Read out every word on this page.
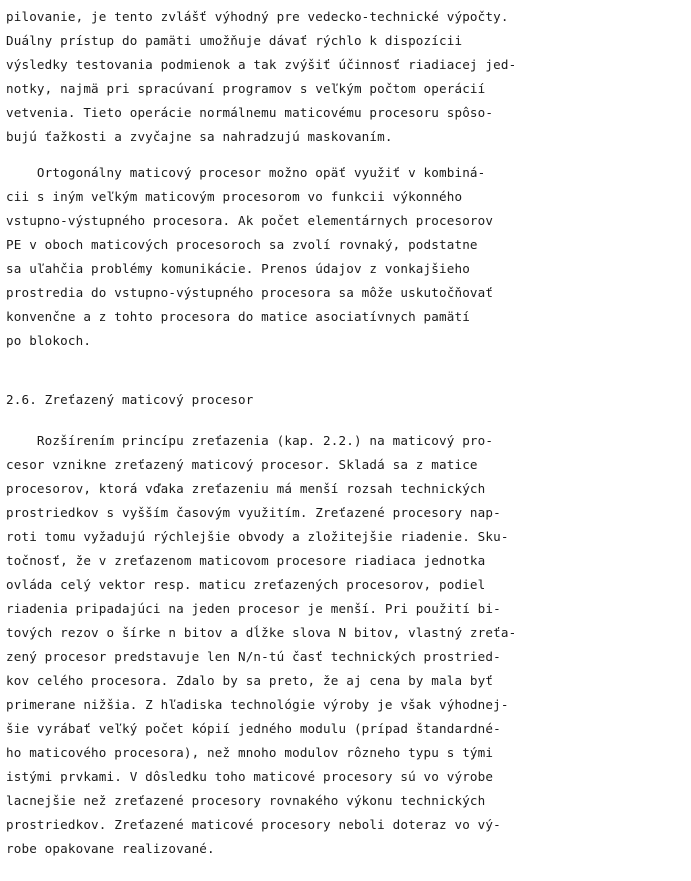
pilovanie, je tento zvlášť výhodný pre vedecko-technické výpočty.
Duálny prístup do pamäti umožňuje dávať rýchlo k dispozícii
výsledky testovania podmienok a tak zvýšiť účinnosť riadiacej jed-
notky, najmä pri spracúvaní programov s veľkým počtom operácií
vetvenia. Tieto operácie normálnemu maticovému procesoru spôso-
bujú ťažkosti a zvyčajne sa nahradzujú maskovaním.
Ortogonálny maticový procesor možno opäť využiť v kombiná-
cii s iným veľkým maticovým procesorom vo funkcii výkonného
vstupno-výstupného procesora. Ak počet elementárnych procesorov
PE v oboch maticových procesoroch sa zvolí rovnaký, podstatne
sa uľahčia problémy komunikácie. Prenos údajov z vonkajšieho
prostredia do vstupno-výstupného procesora sa môže uskutočňovať
konvenčne a z tohto procesora do matice asociatívnych pamätí
po blokoch.
2.6. Zreťazený maticový procesor
Rozšírením princípu zreťazenia (kap. 2.2.) na maticový pro-
cesor vznikne zreťazený maticový procesor. Skladá sa z matice
procesorov, ktorá vďaka zreťazeniu má menší rozsah technických
prostriedkov s vyšším časovým využitím. Zreťazené procesory nap-
roti tomu vyžadujú rýchlejšie obvody a zložitejšie riadenie. Sku-
točnosť, že v zreťazenom maticovom procesore riadiaca jednotka
ovláda celý vektor resp. maticu zreťazených procesorov, podiel
riadenia pripadajúci na jeden procesor je menší. Pri použití bi-
tových rezov o šírke n bitov a dĺžke slova N bitov, vlastný zreťa-
zený procesor predstavuje len N/n-tú časť technických prostried-
kov celého procesora. Zdalo by sa preto, že aj cena by mala byť
primerane nižšia. Z hľadiska technológie výroby je však výhodnej-
šie vyrábať veľký počet kópií jedného modulu (prípad štandardné-
ho maticového procesora), než mnoho modulov rôzneho typu s tými
istými prvkami. V dôsledku toho maticové procesory sú vo výrobe
lacnejšie než zreťazené procesory rovnakého výkonu technických
prostriedkov. Zreťazené maticové procesory neboli doteraz vo vý-
robe opakovane realizované.
